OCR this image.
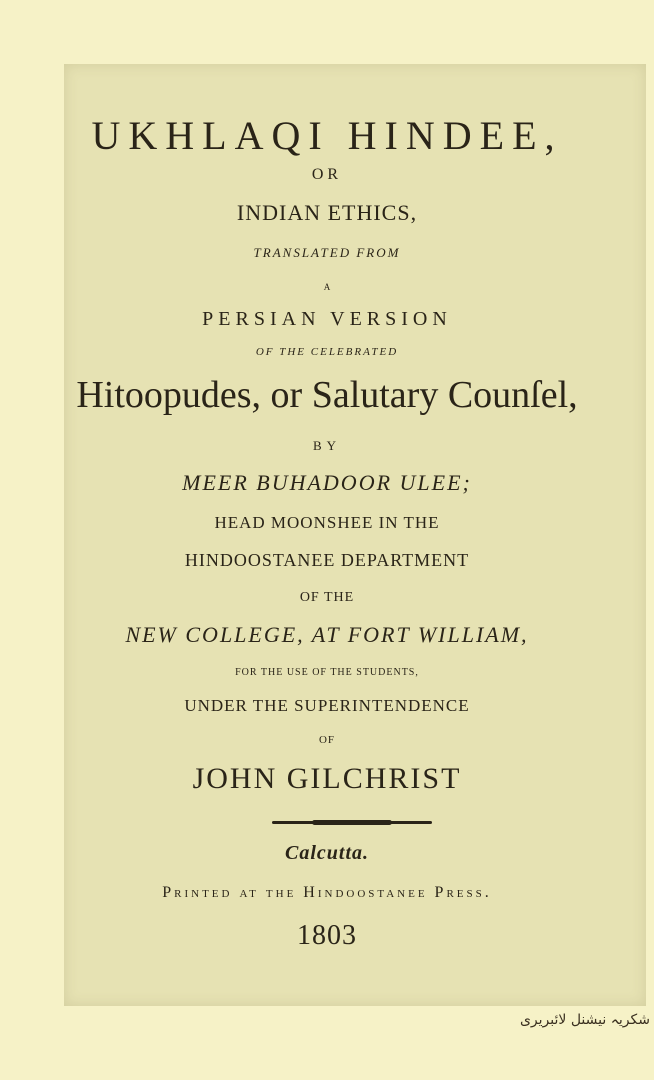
UKHLAQI HINDEE,
OR
INDIAN ETHICS,
TRANSLATED FROM
A
PERSIAN VERSION
OF THE CELEBRATED
Hitoopudes, or Salutary Counſel,
BY
MEER BUHADOOR ULEE;
HEAD MOONSHEE IN THE
HINDOOSTANEE DEPARTMENT
OF THE
NEW COLLEGE, AT FORT WILLIAM,
FOR THE USE OF THE STUDENTS,
UNDER THE SUPERINTENDENCE
OF
JOHN GILCHRIST
Calcutta.
Printed at the Hindoostanee Press.
1803
شکریہ نیشنل لائبریری
